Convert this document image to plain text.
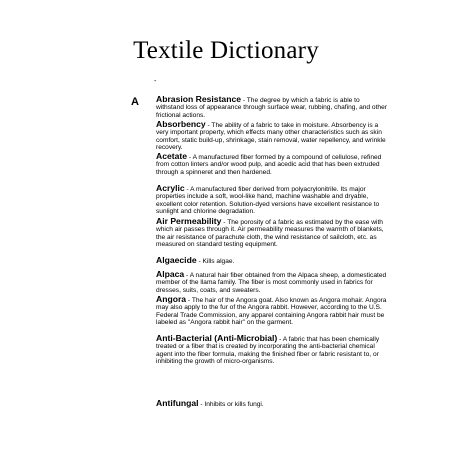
Textile Dictionary
-
A Abrasion Resistance - The degree by which a fabric is able to withstand loss of appearance through surface wear, rubbing, chafing, and other frictional actions.
Absorbency - The ability of a fabric to take in moisture. Absorbency is a very important property, which effects many other characteristics such as skin comfort, static build-up, shrinkage, stain removal, water repellency, and wrinkle recovery.
Acetate - A manufactured fiber formed by a compound of cellulose, refined from cotton linters and/or wood pulp, and acedic acid that has been extruded through a spinneret and then hardened.
Acrylic - A manufactured fiber derived from polyacrylonitrile. Its major properties include a soft, wool-like hand, machine washable and dryable, excellent color retention. Solution-dyed versions have excellent resistance to sunlight and chlorine degradation.
Air Permeability - The porosity of a fabric as estimated by the ease with which air passes through it. Air permeability measures the warmth of blankets, the air resistance of parachute cloth, the wind resistance of sailcloth, etc. as measured on standard testing equipment.
Algaecide - Kills algae.
Alpaca - A natural hair fiber obtained from the Alpaca sheep, a domesticated member of the llama family. The fiber is most commonly used in fabrics for dresses, suits, coats, and sweaters.
Angora - The hair of the Angora goat. Also known as Angora mohair. Angora may also apply to the fur of the Angora rabbit. However, according to the U.S. Federal Trade Commission, any apparel containing Angora rabbit hair must be labeled as "Angora rabbit hair" on the garment.
Anti-Bacterial (Anti-Microbial) - A fabric that has been chemically treated or a fiber that is created by incorporating the anti-bacterial chemical agent into the fiber formula, making the finished fiber or fabric resistant to, or inhibiting the growth of micro-organisms.
Antifungal - Inhibits or kills fungi.
